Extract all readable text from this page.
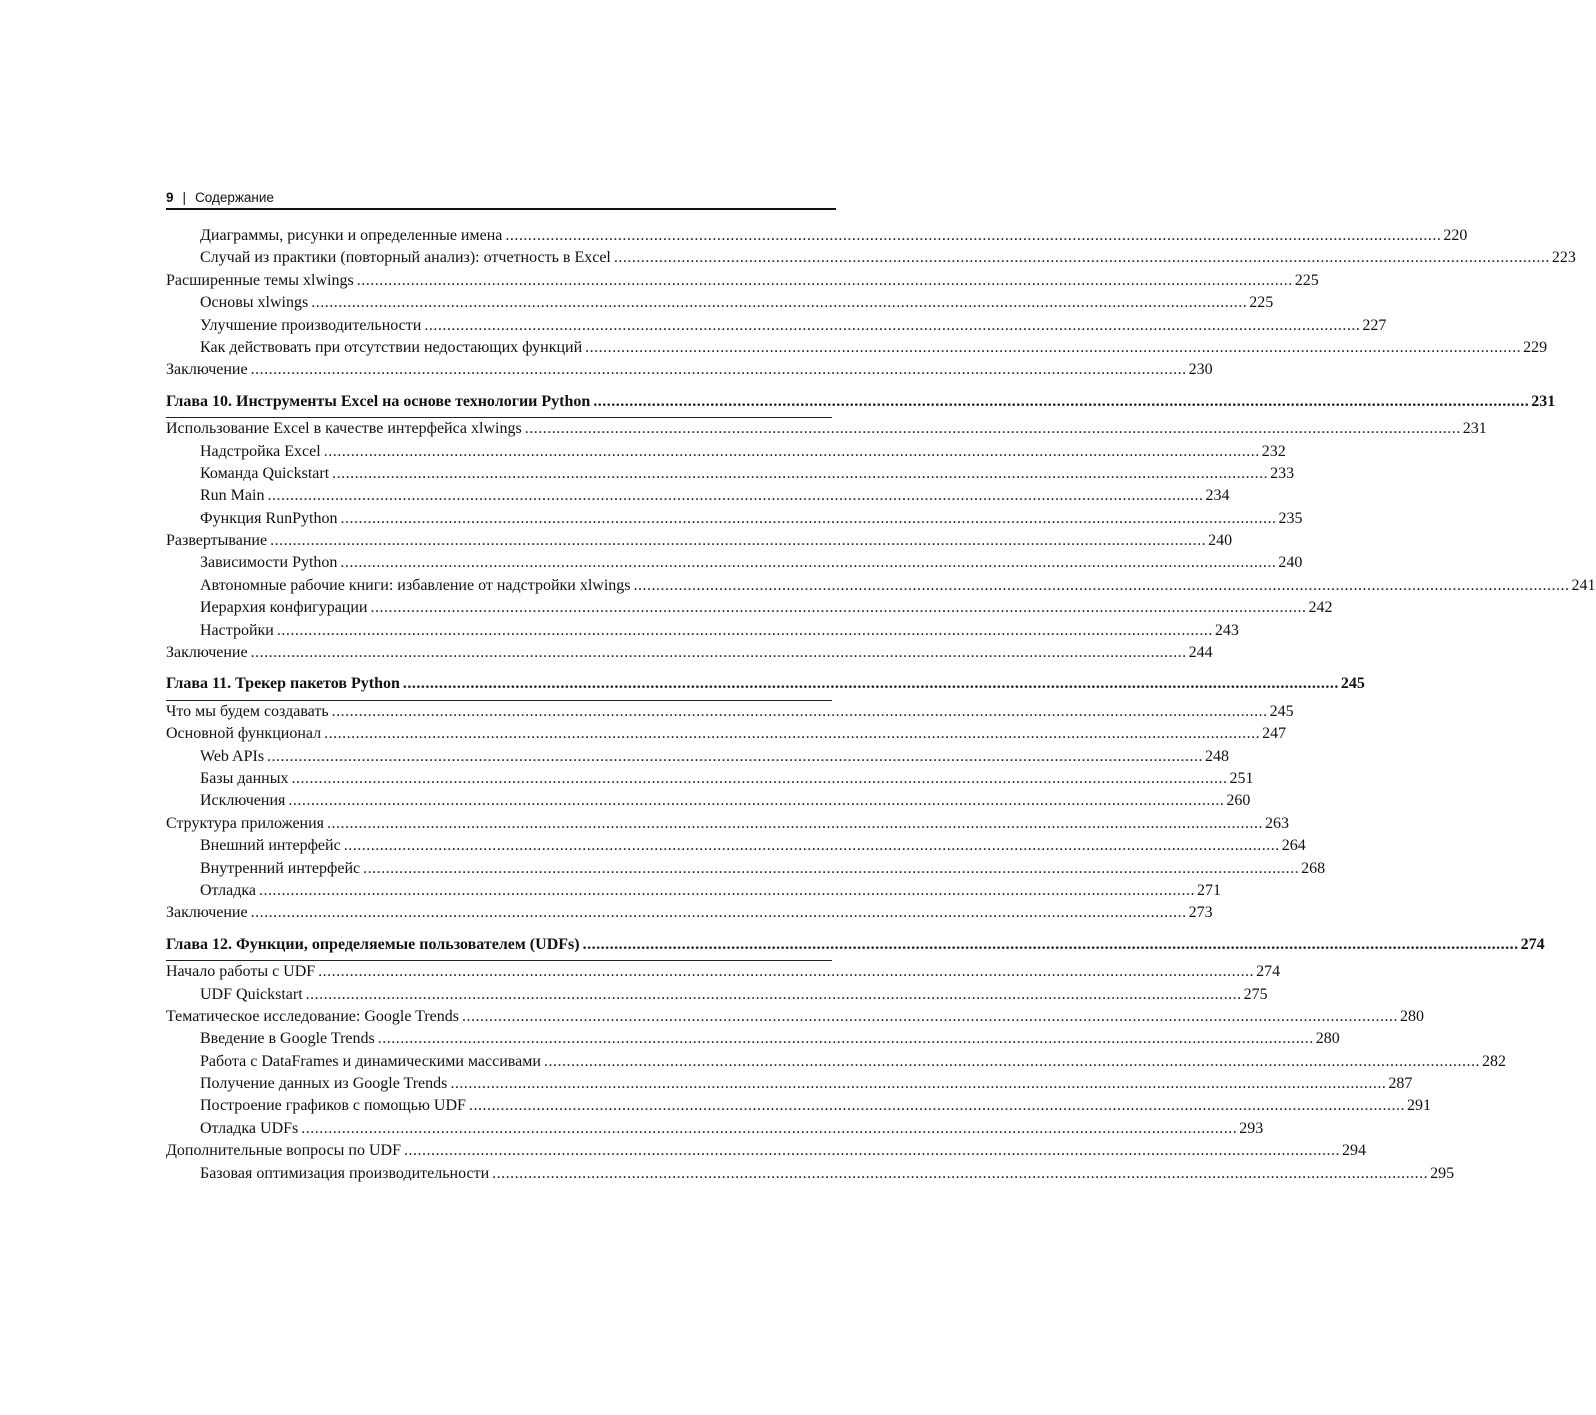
9 | Содержание
Диаграммы, рисунки и определенные имена ................................................................................................................................................................................................................ 220
Случай из практики (повторный анализ): отчетность в Excel ................................................................................................................................................................................................................ 223
Расширенные темы xlwings ................................................................................................................................................................................................................ 225
Основы xlwings ................................................................................................................................................................................................................ 225
Улучшение производительности ................................................................................................................................................................................................................ 227
Как действовать при отсутствии недостающих функций ................................................................................................................................................................................................................ 229
Заключение ................................................................................................................................................................................................................ 230
Глава 10. Инструменты Excel на основе технологии Python ................................................................................................................................................................................................................ 231
Использование Excel в качестве интерфейса xlwings ................................................................................................................................................................................................................ 231
Надстройка Excel ................................................................................................................................................................................................................ 232
Команда Quickstart ................................................................................................................................................................................................................ 233
Run Main ................................................................................................................................................................................................................ 234
Функция RunPython ................................................................................................................................................................................................................ 235
Развертывание ................................................................................................................................................................................................................ 240
Зависимости Python ................................................................................................................................................................................................................ 240
Автономные рабочие книги: избавление от надстройки xlwings ................................................................................................................................................................................................................ 241
Иерархия конфигурации ................................................................................................................................................................................................................ 242
Настройки ................................................................................................................................................................................................................ 243
Заключение ................................................................................................................................................................................................................ 244
Глава 11. Трекер пакетов Python ................................................................................................................................................................................................................ 245
Что мы будем создавать ................................................................................................................................................................................................................ 245
Основной функционал ................................................................................................................................................................................................................ 247
Web APIs ................................................................................................................................................................................................................ 248
Базы данных ................................................................................................................................................................................................................ 251
Исключения ................................................................................................................................................................................................................ 260
Структура приложения ................................................................................................................................................................................................................ 263
Внешний интерфейс ................................................................................................................................................................................................................ 264
Внутренний интерфейс ................................................................................................................................................................................................................ 268
Отладка ................................................................................................................................................................................................................ 271
Заключение ................................................................................................................................................................................................................ 273
Глава 12. Функции, определяемые пользователем (UDFs) ................................................................................................................................................................................................................ 274
Начало работы с UDF ................................................................................................................................................................................................................ 274
UDF Quickstart ................................................................................................................................................................................................................ 275
Тематическое исследование: Google Trends ................................................................................................................................................................................................................ 280
Введение в Google Trends ................................................................................................................................................................................................................ 280
Работа с DataFrames и динамическими массивами ................................................................................................................................................................................................................ 282
Получение данных из Google Trends ................................................................................................................................................................................................................ 287
Построение графиков с помощью UDF ................................................................................................................................................................................................................ 291
Отладка UDFs ................................................................................................................................................................................................................ 293
Дополнительные вопросы по UDF ................................................................................................................................................................................................................ 294
Базовая оптимизация производительности ................................................................................................................................................................................................................ 295
